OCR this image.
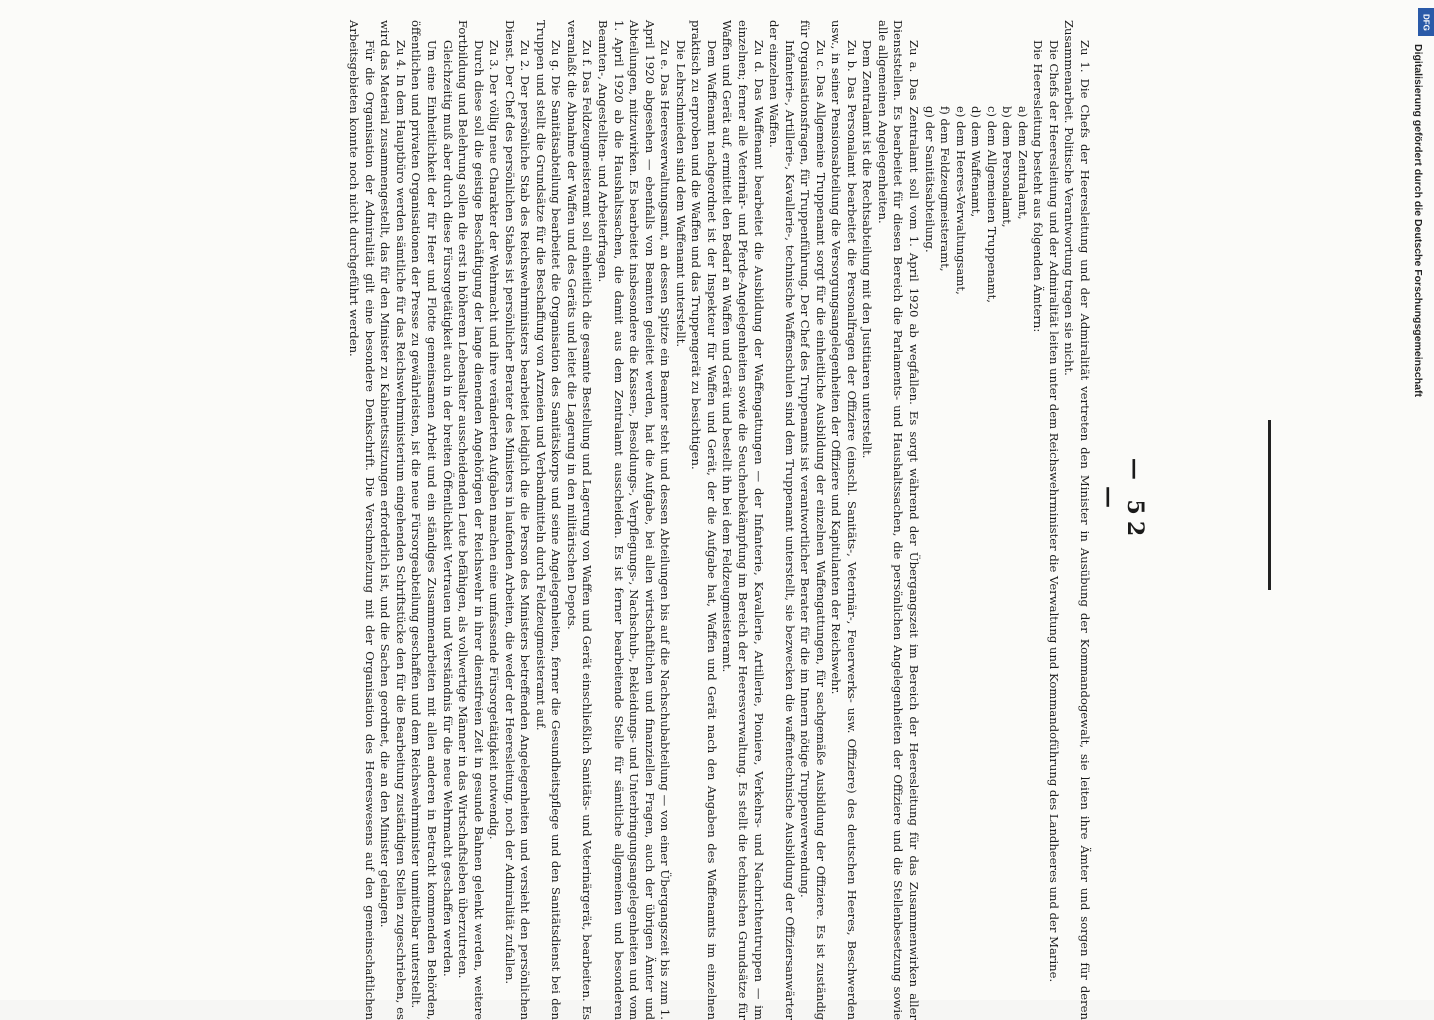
— 52 —

Zu 1. Die Chefs der Heeresleitung und der Admiralität vertreten den Minister in Ausübung der Kommandogewalt, sie leiten ihre Ämter und sorgen für deren Zusammenarbeit. Politische Verantwortung tragen sie nicht.

Die Chefs der Heeresleitung und der Admiralität leiten unter dem Reichswehrminister die Verwaltung und Kommandoführung des Landheeres und der Marine.

Die Heeresleitung besteht aus folgenden Ämtern:

a) dem Zentralamt,

b) dem Personalamt,

c) dem Allgemeinen Truppenamt,

d) dem Waffenamt,

e) dem Heeres-Verwaltungsamt,

f) dem Feldzeugmeisteramt,

g) der Sanitätsabteilung.

Zu a. Das Zentralamt soll vom 1. April 1920 ab wegfallen. Es sorgt während der Übergangszeit im Bereich der Heeresleitung für das Zusammenwirken aller Dienststellen. Es bearbeitet für diesen Bereich die Parlaments- und Haushaltssachen, die persönlichen Angelegenheiten der Offiziere und die Stellenbesetzung sowie alle allgemeinen Angelegenheiten.

Dem Zentralamt ist die Rechtsabteilung mit den Justitiaren unterstellt.

Zu b. Das Personalamt bearbeitet die Personalfragen der Offiziere (einschl. Sanitäts-, Veterinär-, Feuerwerks- usw. Offiziere) des deutschen Heeres, Beschwerden usw., in seiner Pensionsabteilung die Versorgungsangelegenheiten der Offiziere und Kapitulanten der Reichswehr.

Zu c. Das Allgemeine Truppenamt sorgt für die einheitliche Ausbildung der einzelnen Waffengattungen, für sachgemäße Ausbildung der Offiziere. Es ist zuständig für Organisationsfragen, für Truppenführung. Der Chef des Truppenamts ist verantwortlicher Berater für die im Innern nötige Truppenverwendung.

Infanterie-, Artillerie-, Kavallerie-, technische Waffenschulen sind dem Truppenamt unterstellt, sie bezwecken die waffentechnische Ausbildung der Offiziersanwärter der einzelnen Waffen.

Zu d. Das Waffenamt bearbeitet die Ausbildung der Waffengattungen — der Infanterie, Kavallerie, Artillerie, Pioniere, Verkehrs- und Nachrichtentruppen — im einzelnen; ferner alle Veterinär- und Pferde-Angelegenheiten sowie die Seuchenbekämpfung im Bereich der Heeresverwaltung. Es stellt die technischen Grundsätze für Waffen und Gerät auf, ermittelt den Bedarf an Waffen und Gerät und bestellt ihn bei dem Feldzeugmeisteramt.

Dem Waffenamt nachgeordnet ist der Inspekteur für Waffen und Gerät, der die Aufgabe hat, Waffen und Gerät nach den Angaben des Waffenamts im einzelnen praktisch zu erproben und die Waffen und das Truppengerät zu besichtigen.

Die Lehrschmieden sind dem Waffenamt unterstellt.

Zu e. Das Heeresverwaltungsamt, an dessen Spitze ein Beamter steht und dessen Abteilungen bis auf die Nachschubabteilung — von einer Übergangszeit bis zum 1. April 1920 abgesehen — ebenfalls von Beamten geleitet werden, hat die Aufgabe, bei allen wirtschaftlichen und finanziellen Fragen, auch der übrigen Ämter und Abteilungen, mitzuwirken. Es bearbeitet insbesondere die Kassen-, Besoldungs-, Verpflegungs-, Nachschub-, Bekleidungs- und Unterbringungsangelegenheiten und vom 1. April 1920 ab die Haushaltssachen, die damit aus dem Zentralamt ausscheiden. Es ist ferner bearbeitende Stelle für sämtliche allgemeinen und besonderen Beamten-, Angestellten- und Arbeiterfragen.

Zu f. Das Feldzeugmeisteramt soll einheitlich die gesamte Bestellung und Lagerung von Waffen und Gerät einschließlich Sanitäts- und Veterinärgerät, bearbeiten. Es veranlaßt die Abnahme der Waffen und des Geräts und leitet die Lagerung in den militärischen Depots.

Zu g. Die Sanitätsabteilung bearbeitet die Organisation des Sanitätskorps und seine Angelegenheiten, ferner die Gesundheitspflege und den Sanitätsdienst bei den Truppen und stellt die Grundsätze für die Beschaffung von Arzneien und Verbandmitteln durch Feldzeugmeisteramt auf.

Zu 2. Der persönliche Stab des Reichswehrministers bearbeitet lediglich die die Person des Ministers betreffenden Angelegenheiten und versieht den persönlichen Dienst. Der Chef des persönlichen Stabes ist persönlicher Berater des Ministers in laufenden Arbeiten, die weder der Heeresleitung, noch der Admiralität zufallen.

Zu 3. Der völlig neue Charakter der Wehrmacht und ihre veränderten Aufgaben machen eine umfassende Fürsorgetätigkeit notwendig.

Durch diese soll die geistige Beschäftigung der lange dienenden Angehörigen der Reichswehr in ihrer dienstfreien Zeit in gesunde Bahnen gelenkt werden, weitere Fortbildung und Belehrung sollen die erst in höherem Lebensalter ausscheidenden Leute befähigen, als vollwertige Männer in das Wirtschaftsleben überzutreten.

Gleichzeitig muß aber durch diese Fürsorgetätigkeit auch in der breiten Öffentlichkeit Vertrauen und Verständnis für die neue Wehrmacht geschaffen werden.

Um eine Einheitlichkeit der für Heer und Flotte gemeinsamen Arbeit und ein ständiges Zusammenarbeiten mit allen anderen in Betracht kommenden Behörden, öffentlichen und privaten Organisationen der Presse zu gewährleisten, ist die neue Fürsorgeabteilung geschaffen und dem Reichswehrminister unmittelbar unterstellt.

Zu 4. In dem Hauptbüro werden sämtliche für das Reichswehrministerium eingehenden Schriftstücke den für die Bearbeitung zuständigen Stellen zugeschrieben, es wird das Material zusammengestellt, das für den Minister zu Kabinettssitzungen erforderlich ist, und die Sachen geordnet, die an den Minister gelangen.

Für die Organisation der Admiralität gilt eine besondere Denkschrift. Die Verschmelzung mit der Organisation des Heereswesens auf den gemeinschaftlichen Arbeitsgebieten konnte noch nicht durchgeführt werden.	DFG
Digitalisierung gefördert durch die Deutsche Forschungsgemeinschaft
